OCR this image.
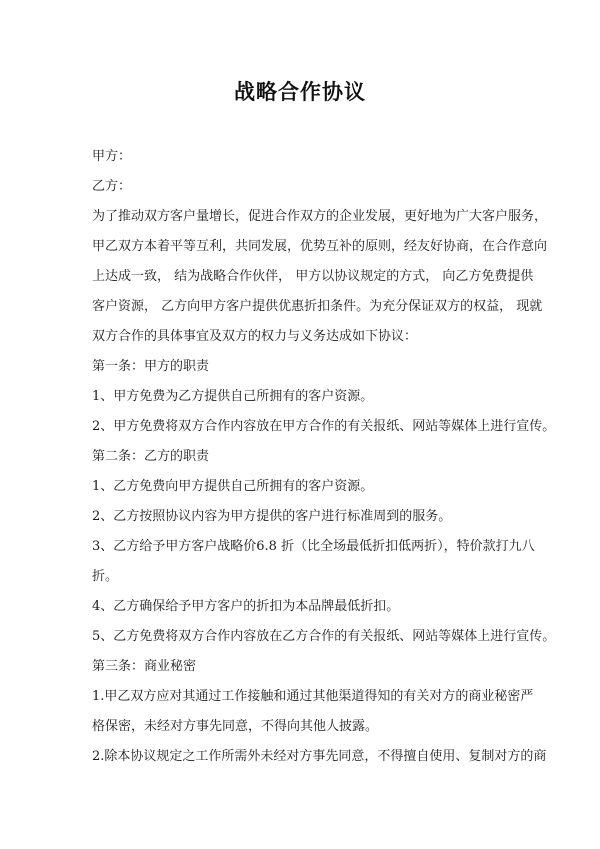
战略合作协议
甲方：
乙方：
为了推动双方客户量增长，促进合作双方的企业发展，更好地为广大客户服务，
甲乙双方本着平等互利，共同发展，优势互补的原则，经友好协商，在合作意向
上达成一致， 结为战略合作伙伴， 甲方以协议规定的方式， 向乙方免费提供
客户资源， 乙方向甲方客户提供优惠折扣条件。为充分保证双方的权益， 现就
双方合作的具体事宜及双方的权力与义务达成如下协议：
第一条：甲方的职责
1、甲方免费为乙方提供自己所拥有的客户资源。
2、甲方免费将双方合作内容放在甲方合作的有关报纸、网站等媒体上进行宣传。
第二条：乙方的职责
1、乙方免费向甲方提供自己所拥有的客户资源。
2、乙方按照协议内容为甲方提供的客户进行标准周到的服务。
3、乙方给予甲方客户战略价6.8 折（比全场最低折扣低两折），特价款打九八
折。
4、乙方确保给予甲方客户的折扣为本品牌最低折扣。
5、乙方免费将双方合作内容放在乙方合作的有关报纸、网站等媒体上进行宣传。
第三条：商业秘密
1.甲乙双方应对其通过工作接触和通过其他渠道得知的有关对方的商业秘密严
格保密，未经对方事先同意，不得向其他人披露。
2.除本协议规定之工作所需外未经对方事先同意，不得擅自使用、复制对方的商
